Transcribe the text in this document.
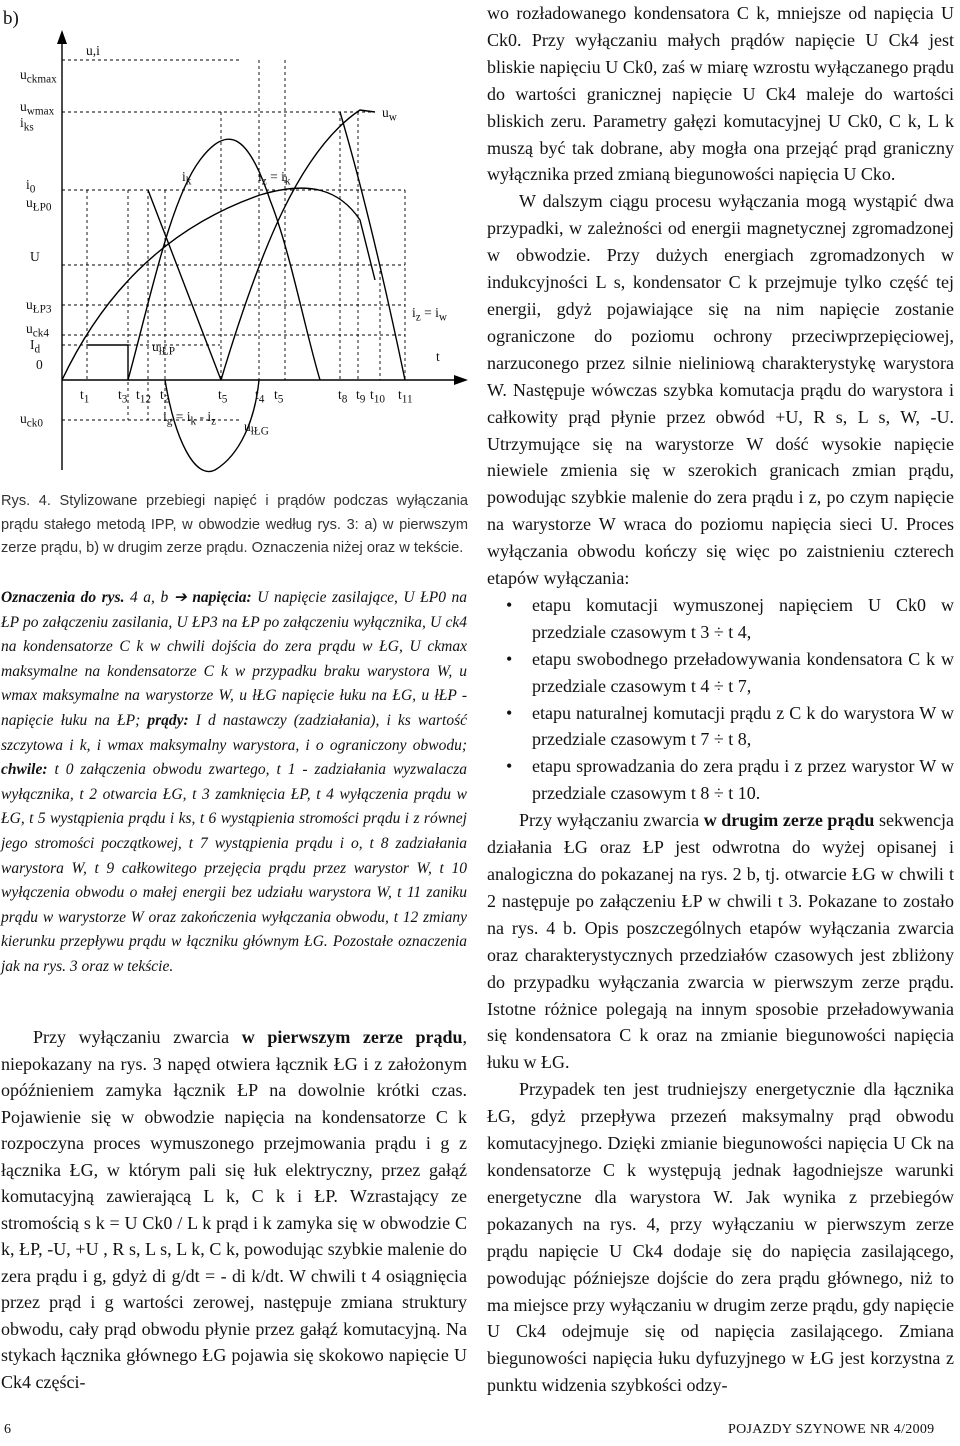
b)
$u_{ckmax}$
$u_{wmax}$
$i_{ks}$
$i_0$
$u_{ŁP0}$
U
$u_{ŁP3}$
$u_{ck4}$
$I_d$
0
$u_{ck0}$
u,i
$i_k$	$i_z = i_k$
$u_w$
$i_z = i_w$
t
$u_{łŁP}$
$i_g = i_k - i_z$ $u_{łŁG}$
$t_1$ $t_3$ $t_{12}$ $t_2$	$t_5$ $t_4$ $t_5$	$t_8$ $t_9$ $t_{10}$ $t_{11}$
Rys. 4. Stylizowane przebiegi napięć i prądów podczas wyłączania prądu stałego metodą IPP, w obwodzie według rys. 3: a) w pierwszym zerze prądu, b) w drugim zerze prądu. Oznaczenia niżej oraz w tekście.
Oznaczenia do rys. 4 a, b ➔ napięcia: U napięcie zasilające, U ŁP0 na ŁP po załączeniu zasilania, U ŁP3 na ŁP po załączeniu wyłącznika, U ck4 na kondensatorze C k w chwili dojścia do zera prądu w ŁG, U ckmax maksymalne na kondensatorze C k w przypadku braku warystora W, u wmax maksymalne na warystorze W, u łŁG napięcie łuku na ŁG, u łŁP - napięcie łuku na ŁP; prądy: I d nastawczy (zadziałania), i ks wartość szczytowa i k, i wmax maksymalny warystora, i o ograniczony obwodu; chwile: t 0 załączenia obwodu zwartego, t 1 - zadziałania wyzwalacza wyłącznika, t 2 otwarcia ŁG, t 3 zamknięcia ŁP, t 4 wyłączenia prądu w ŁG, t 5 wystąpienia prądu i ks, t 6 wystąpienia stromości prądu i z równej jego stromości początkowej, t 7 wystąpienia prądu i o, t 8 zadziałania warystora W, t 9 całkowitego przejęcia prądu przez warystor W, t 10 wyłączenia obwodu o małej energii bez udziału warystora W, t 11 zaniku prądu w warystorze W oraz zakończenia wyłączania obwodu, t 12 zmiany kierunku przepływu prądu w łączniku głównym ŁG. Pozostałe oznaczenia jak na rys. 3 oraz w tekście.

Przy wyłączaniu zwarcia w pierwszym zerze prądu, niepokazany na rys. 3 napęd otwiera łącznik ŁG i z założonym opóźnieniem zamyka łącznik ŁP na dowolnie krótki czas. Pojawienie się w obwodzie napięcia na kondensatorze C k rozpoczyna proces wymuszonego przejmowania prądu i g z łącznika ŁG, w którym pali się łuk elektryczny, przez gałąź komutacyjną zawierającą L k, C k i ŁP. Wzrastający ze stromością s k = U Ck0 / L k prąd i k zamyka się w obwodzie C k, ŁP, -U, +U , R s, L s, L k, C k, powodując szybkie malenie do zera prądu i g, gdyż di g/dt = - di k/dt. W chwili t 4 osiągnięcia przez prąd i g wartości zerowej, następuje zmiana struktury obwodu, cały prąd obwodu płynie przez gałąź komutacyjną. Na stykach łącznika głównego ŁG pojawia się skokowo napięcie U Ck4 części-

wo rozładowanego kondensatora C k, mniejsze od napięcia U Ck0. Przy wyłączaniu małych prądów napięcie U Ck4 jest bliskie napięciu U Ck0, zaś w miarę wzrostu wyłączanego prądu do wartości granicznej napięcie U Ck4 maleje do wartości bliskich zeru. Parametry gałęzi komutacyjnej U Ck0, C k, L k muszą być tak dobrane, aby mogła ona przejąć prąd graniczny wyłącznika przed zmianą biegunowości napięcia U Cko.

W dalszym ciągu procesu wyłączania mogą wystąpić dwa przypadki, w zależności od energii magnetycznej zgromadzonej w obwodzie. Przy dużych energiach zgromadzonych w indukcyjności L s, kondensator C k przejmuje tylko część tej energii, gdyż pojawiające się na nim napięcie zostanie ograniczone do poziomu ochrony przeciwprzepięciowej, narzuconego przez silnie nieliniową charakterystykę warystora W. Następuje wówczas szybka komutacja prądu do warystora i całkowity prąd płynie przez obwód +U, R s, L s, W, -U. Utrzymujące się na warystorze W dość wysokie napięcie niewiele zmienia się w szerokich granicach zmian prądu, powodując szybkie malenie do zera prądu i z, po czym napięcie na warystorze W wraca do poziomu napięcia sieci U. Proces wyłączania obwodu kończy się więc po zaistnieniu czterech etapów wyłączania:

• etapu komutacji wymuszonej napięciem U Ck0 w przedziale czasowym t 3 ÷ t 4,
• etapu swobodnego przeładowywania kondensatora C k w przedziale czasowym t 4 ÷ t 7,
• etapu naturalnej komutacji prądu z C k do warystora W w przedziale czasowym t 7 ÷ t 8,
• etapu sprowadzania do zera prądu i z przez warystor W w przedziale czasowym t 8 ÷ t 10.

Przy wyłączaniu zwarcia w drugim zerze prądu sekwencja działania ŁG oraz ŁP jest odwrotna do wyżej opisanej i analogiczna do pokazanej na rys. 2 b, tj. otwarcie ŁG w chwili t 2 następuje po załączeniu ŁP w chwili t 3. Pokazane to zostało na rys. 4 b. Opis poszczególnych etapów wyłączania zwarcia oraz charakterystycznych przedziałów czasowych jest zbliżony do przypadku wyłączania zwarcia w pierwszym zerze prądu. Istotne różnice polegają na innym sposobie przeładowywania się kondensatora C k oraz na zmianie biegunowości napięcia łuku w ŁG.

Przypadek ten jest trudniejszy energetycznie dla łącznika ŁG, gdyż przepływa przezeń maksymalny prąd obwodu komutacyjnego. Dzięki zmianie biegunowości napięcia U Ck na kondensatorze C k występują jednak łagodniejsze warunki energetyczne dla warystora W. Jak wynika z przebiegów pokazanych na rys. 4, przy wyłączaniu w pierwszym zerze prądu napięcie U Ck4 dodaje się do napięcia zasilającego, powodując późniejsze dojście do zera prądu głównego, niż to ma miejsce przy wyłączaniu w drugim zerze prądu, gdy napięcie U Ck4 odejmuje się od napięcia zasilającego. Zmiana biegunowości napięcia łuku dyfuzyjnego w ŁG jest korzystna z punktu widzenia szybkości odzy-

6	POJAZDY SZYNOWE NR 4/2009
